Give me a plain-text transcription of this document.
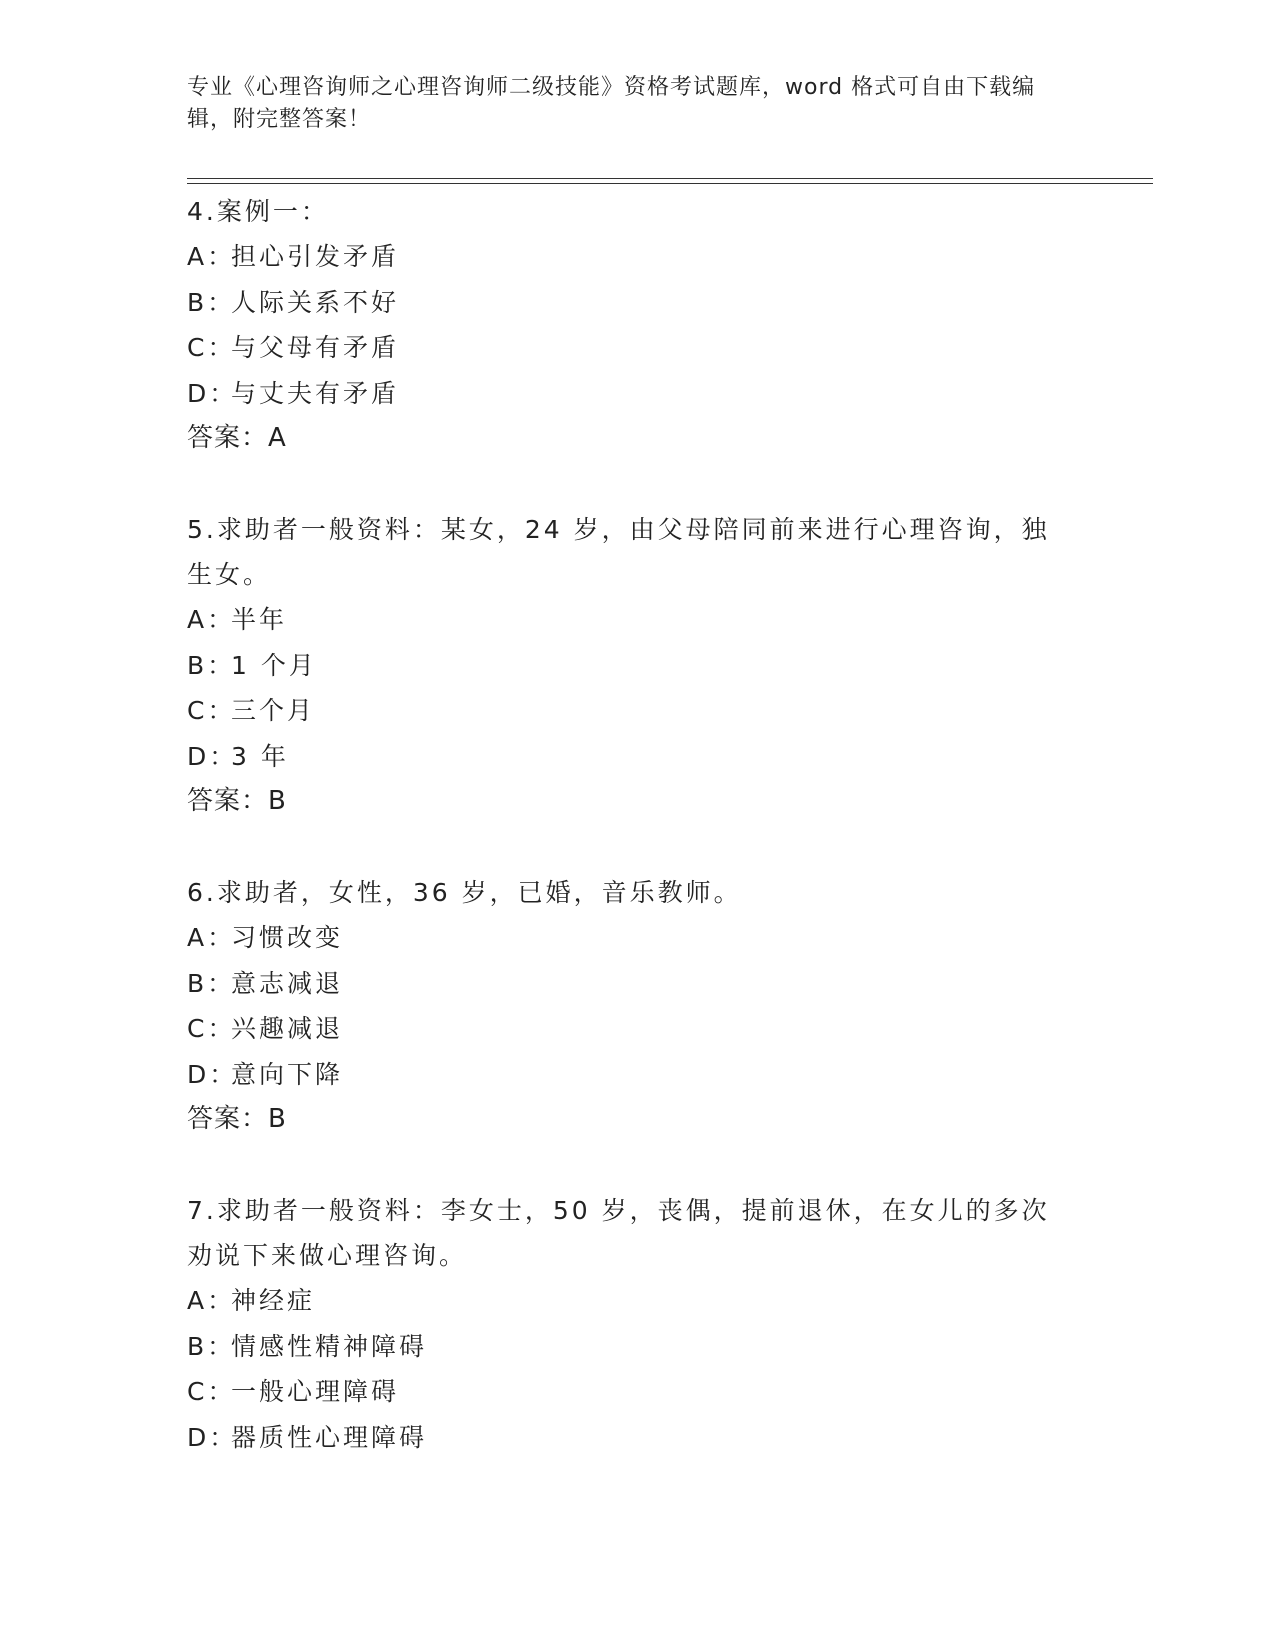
专业《心理咨询师之心理咨询师二级技能》资格考试题库，word 格式可自由下载编辑，附完整答案！

4.案例一：

A：担心引发矛盾

B：人际关系不好

C：与父母有矛盾

D：与丈夫有矛盾

答案：A

5.求助者一般资料：某女，24 岁，由父母陪同前来进行心理咨询，独生女。

A：半年

B：1 个月

C：三个月

D：3 年

答案：B

6.求助者，女性，36 岁，已婚，音乐教师。

A：习惯改变

B：意志减退

C：兴趣减退

D：意向下降

答案：B

7.求助者一般资料：李女士，50 岁，丧偶，提前退休，在女儿的多次劝说下来做心理咨询。

A：神经症

B：情感性精神障碍

C：一般心理障碍

D：器质性心理障碍
